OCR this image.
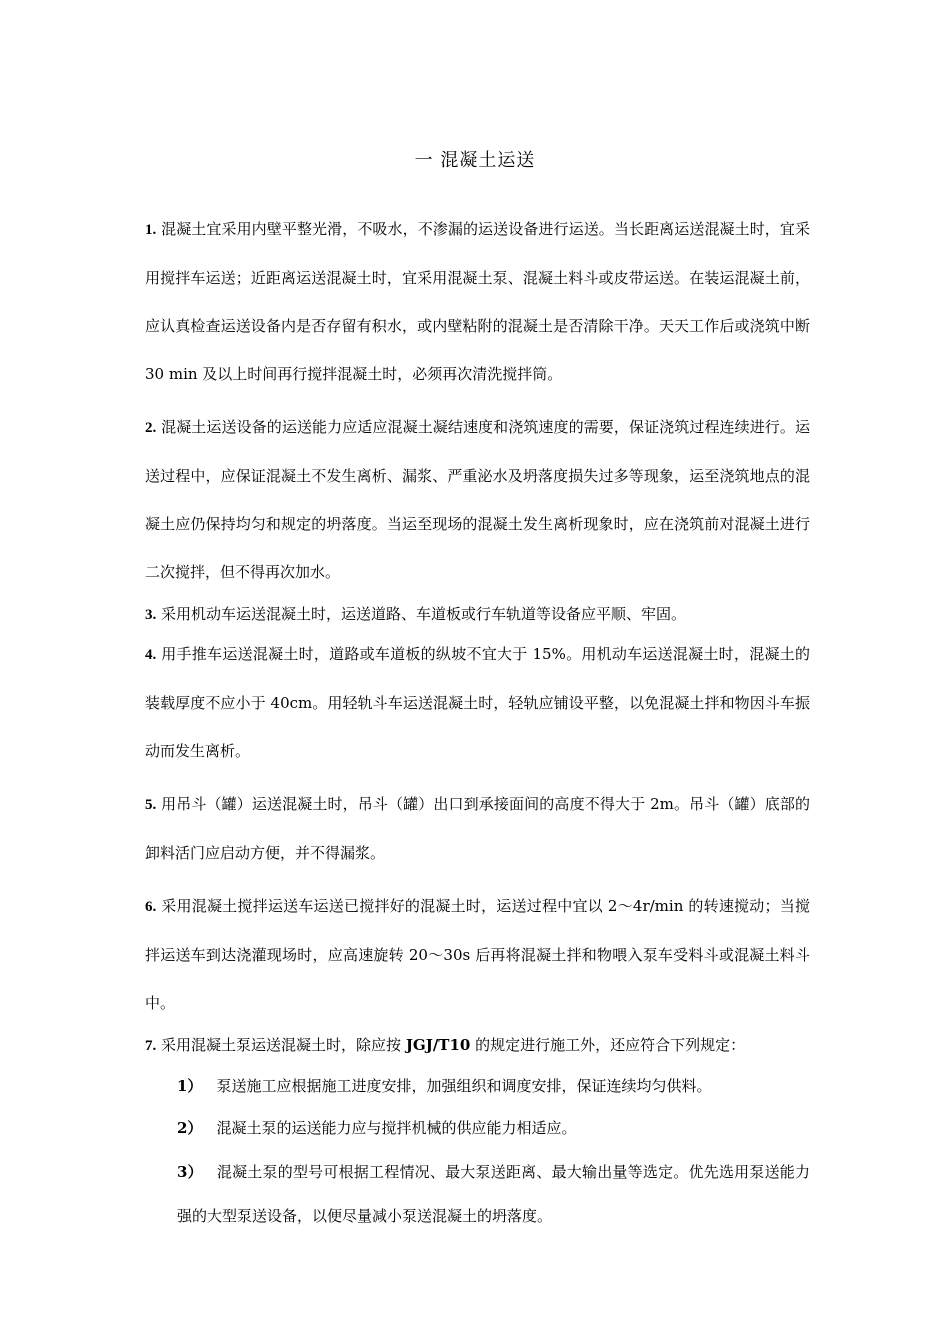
一 混凝土运送

1. 混凝土宜采用内壁平整光滑，不吸水，不渗漏的运送设备进行运送。当长距离运送混凝土时，宜采用搅拌车运送；近距离运送混凝土时，宜采用混凝土泵、混凝土料斗或皮带运送。在装运混凝土前，应认真检查运送设备内是否存留有积水，或内壁粘附的混凝土是否清除干净。天天工作后或浇筑中断 30 min 及以上时间再行搅拌混凝土时，必须再次清洗搅拌筒。

2. 混凝土运送设备的运送能力应适应混凝土凝结速度和浇筑速度的需要，保证浇筑过程连续进行。运送过程中，应保证混凝土不发生离析、漏浆、严重泌水及坍落度损失过多等现象，运至浇筑地点的混凝土应仍保持均匀和规定的坍落度。当运至现场的混凝土发生离析现象时，应在浇筑前对混凝土进行二次搅拌，但不得再次加水。

3. 采用机动车运送混凝土时，运送道路、车道板或行车轨道等设备应平顺、牢固。

4. 用手推车运送混凝土时，道路或车道板的纵坡不宜大于 15%。用机动车运送混凝土时，混凝土的装载厚度不应小于 40cm。用轻轨斗车运送混凝土时，轻轨应铺设平整，以免混凝土拌和物因斗车振动而发生离析。

5. 用吊斗（罐）运送混凝土时，吊斗（罐）出口到承接面间的高度不得大于 2m。吊斗（罐）底部的卸料活门应启动方便，并不得漏浆。

6. 采用混凝土搅拌运送车运送已搅拌好的混凝土时，运送过程中宜以 2～4r/min 的转速搅动；当搅拌运送车到达浇灌现场时，应高速旋转 20～30s 后再将混凝土拌和物喂入泵车受料斗或混凝土料斗中。

7. 采用混凝土泵运送混凝土时，除应按 JGJ/T10 的规定进行施工外，还应符合下列规定：

1） 泵送施工应根据施工进度安排，加强组织和调度安排，保证连续均匀供料。

2） 混凝土泵的运送能力应与搅拌机械的供应能力相适应。

3） 混凝土泵的型号可根据工程情况、最大泵送距离、最大输出量等选定。优先选用泵送能力强的大型泵送设备，以便尽量减小泵送混凝土的坍落度。
